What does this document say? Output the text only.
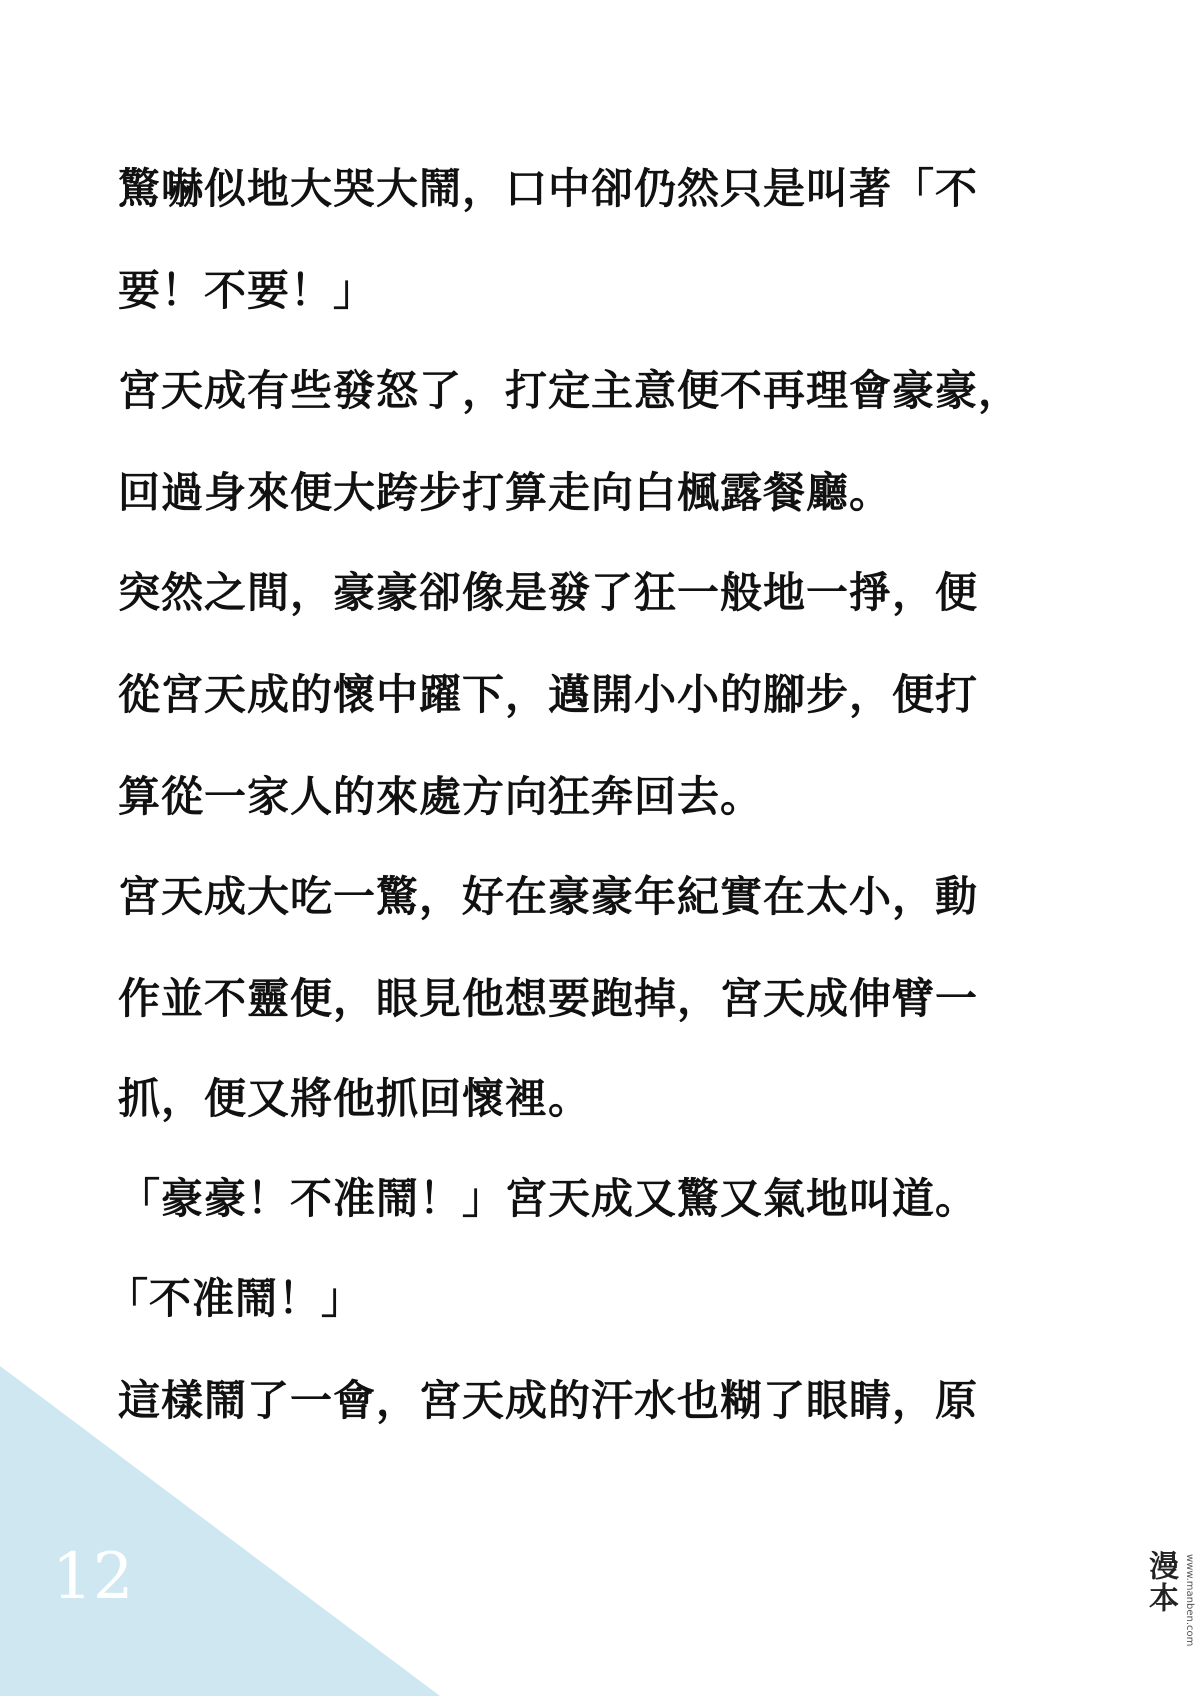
12
驚嚇似地大哭大鬧，口中卻仍然只是叫著「不
要！不要！」
宮天成有些發怒了，打定主意便不再理會豪豪，
回過身來便大跨步打算走向白楓露餐廳。
突然之間，豪豪卻像是發了狂一般地一掙，便
從宮天成的懷中躍下，邁開小小的腳步，便打
算從一家人的來處方向狂奔回去。
宮天成大吃一驚，好在豪豪年紀實在太小，動
作並不靈便，眼見他想要跑掉，宮天成伸臂一
抓，便又將他抓回懷裡。
「豪豪！不准鬧！」宮天成又驚又氣地叫道。
「不准鬧！」
這樣鬧了一會，宮天成的汗水也糊了眼睛，原
漫本 www.manben.com
